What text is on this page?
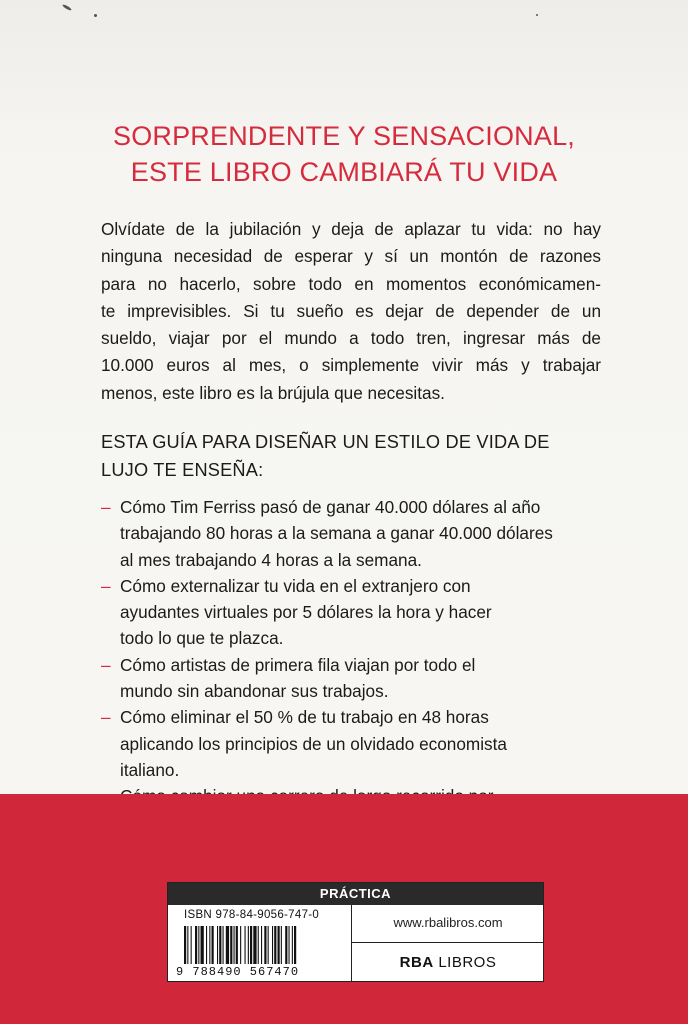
SORPRENDENTE Y SENSACIONAL,
ESTE LIBRO CAMBIARÁ TU VIDA
Olvídate de la jubilación y deja de aplazar tu vida: no hay
ninguna necesidad de esperar y sí un montón de razones
para no hacerlo, sobre todo en momentos económicamen-
te imprevisibles. Si tu sueño es dejar de depender de un
sueldo, viajar por el mundo a todo tren, ingresar más de
10.000 euros al mes, o simplemente vivir más y trabajar
menos, este libro es la brújula que necesitas.
ESTA GUÍA PARA DISEÑAR UN ESTILO DE VIDA DE
LUJO TE ENSEÑA:
– Cómo Tim Ferriss pasó de ganar 40.000 dólares al año
trabajando 80 horas a la semana a ganar 40.000 dólares
al mes trabajando 4 horas a la semana.
– Cómo externalizar tu vida en el extranjero con
ayudantes virtuales por 5 dólares la hora y hacer
todo lo que te plazca.
– Cómo artistas de primera fila viajan por todo el
mundo sin abandonar sus trabajos.
– Cómo eliminar el 50 % de tu trabajo en 48 horas
aplicando los principios de un olvidado economista
italiano.
PRÁCTICA
ISBN 978-84-9056-747-0
9 788490 567470
www.rbalibros.com
RBA LIBROS
